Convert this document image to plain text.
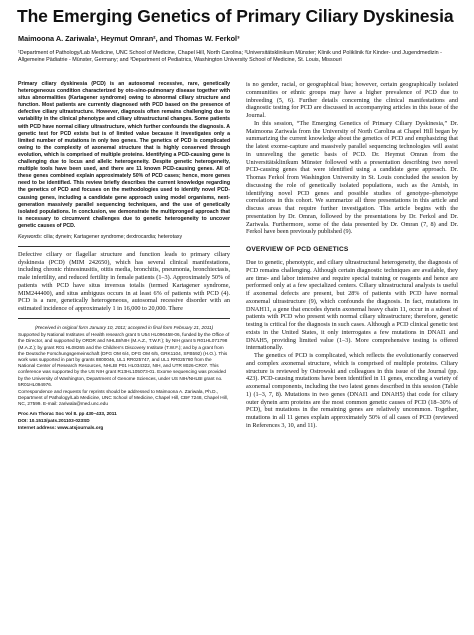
The Emerging Genetics of Primary Ciliary Dyskinesia
Maimoona A. Zariwala¹, Heymut Omran², and Thomas W. Ferkol³

¹Department of Pathology/Lab Medicine, UNC School of Medicine, Chapel Hill, North Carolina; ²Universitätsklinikum Münster; Klinik und Poliklinik für Kinder- und Jugendmedizin - Allgemeine Pädiatrie - Münster, Germany; and ³Department of Pediatrics, Washington University School of Medicine, St. Louis, Missouri

Primary ciliary dyskinesia (PCD) is an autosomal recessive, rare, genetically heterogeneous condition characterized by oto-sino-pulmonary disease together with situs abnormalities (Kartagener syndrome) owing to abnormal ciliary structure and function. Most patients are currently diagnosed with PCD based on the presence of defective ciliary ultrastructure. However, diagnosis often remains challenging due to variability in the clinical phenotype and ciliary ultrastructural changes. Some patients with PCD have normal ciliary ultrastructure, which further confounds the diagnosis. A genetic test for PCD exists but is of limited value because it investigates only a limited number of mutations in only two genes. The genetics of PCD is complicated owing to the complexity of axonemal structure that is highly conserved through evolution, which is comprised of multiple proteins. Identifying a PCD-causing gene is challenging due to locus and allelic heterogeneity. Despite genetic heterogeneity, multiple tools have been used, and there are 11 known PCD-causing genes. All of these genes combined explain approximately 50% of PCD cases; hence, more genes need to be identified. This review briefly describes the current knowledge regarding the genetics of PCD and focuses on the methodologies used to identify novel PCD-causing genes, including a candidate gene approach using model organisms, next-generation massively parallel sequencing techniques, and the use of genetically isolated populations. In conclusion, we demonstrate the multipronged approach that is necessary to circumvent challenges due to genetic heterogeneity to uncover genetic causes of PCD.

Keywords: cilia; dynein; Kartagener syndrome; dextrocardia; heterotaxy

Defective ciliary or flagellar structure and function leads to primary ciliary dyskinesia (PCD) (MIM 242650), which has several clinical manifestations, including chronic rhinosinusitis, otitis media, bronchitis, pneumonia, bronchiectasis, male infertility, and reduced fertility in female patients (1–3). Approximately 50% of patients with PCD have situs inversus totalis (termed Kartagener syndrome, MIM244400), and situs ambiguus occurs in at least 6% of patients with PCD (4). PCD is a rare, genetically heterogeneous, autosomal recessive disorder with an estimated incidence of approximately 1 in 16,000 to 20,000. There

(Received in original form January 10, 2011; accepted in final form February 21, 2011)

Supported by National Institutes of Health research grant 5 U54 HL096458-06, funded by the Office of the Director, and supported by ORDR and NHLBI/NIH (M.A.Z., T.W.F.); by NIH grant 5 R01HL071798 (M.A.Z.); by grant R01 HL08265 and the Children's Discovery Institute (T.W.F.); and by a grant from the Deutsche Forschungsgemeinschaft (DFG OM 6/4, DFG OM 6/5, GRK1104, SFB592) (H.O.). This work was supported in part by grants 8800046, UL1 RR025747, and UL1 RR025780 from the National Center of Research Resources, NHLBI P01 HL034322, NIH, and UTR 8026-CR07. This conference was supported by the US NIH grant R13HL105073-01. Exome sequencing was provided by the University of Washington, Department of Genome Sciences, under US NIH/NHLBI grant no. 5R01HL094976.

Correspondence and requests for reprints should be addressed to Maimoona A. Zariwala, Ph.D., Department of Pathology/Lab Medicine, UNC School of Medicine, Chapel Hill, CB# 7248, Chapel Hill, NC, 27599. E-mail: zariwala@med.unc.edu

Proc Am Thorac Soc Vol 8. pp 430–433, 2011

DOI: 10.1513/pats.201103-023SD

Internet address: www.atsjournals.org

is no gender, racial, or geographical bias; however, certain geographically isolated communities or ethnic groups may have a higher prevalence of PCD due to inbreeding (5, 6). Further details concerning the clinical manifestations and diagnostic testing for PCD are discussed in accompanying articles in this issue of the Journal.

In this session, “The Emerging Genetics of Primary Ciliary Dyskinesia,” Dr. Maimoona Zariwala from the University of North Carolina at Chapel Hill began by summarizing the current knowledge about the genetics of PCD and emphasizing that the latest exome-capture and massively parallel sequencing technologies will assist in unraveling the genetic basis of PCD. Dr. Heymut Omran from the Universitätsklinikum Münster followed with a presentation describing two novel PCD-causing genes that were identified using a candidate gene approach. Dr. Thomas Ferkol from Washington University in St. Louis concluded the session by discussing the role of genetically isolated populations, such as the Amish, in identifying novel PCD genes and possible studies of genotype–phenotype correlations in this cohort. We summarize all three presentations in this article and discuss areas that require further investigation. This article begins with the presentation by Dr. Omran, followed by the presentations by Dr. Ferkol and Dr. Zariwala. Furthermore, some of the data presented by Dr. Omran (7, 8) and Dr. Ferkol have been previously published (9).

OVERVIEW OF PCD GENETICS

Due to genetic, phenotypic, and ciliary ultrastructural heterogeneity, the diagnosis of PCD remains challenging. Although certain diagnostic techniques are available, they are time- and labor intensive and require special training or reagents and hence are performed only at a few specialized centers. Ciliary ultrastructural analysis is useful if axonemal defects are present, but 28% of patients with PCD have normal axonemal ultrastructure (9), which confounds the diagnosis. In fact, mutations in DNAH11, a gene that encodes dynein axonemal heavy chain 11, occur in a subset of patients with PCD who present with normal ciliary ultrastructure; therefore, genetic testing is critical for the diagnosis in such cases. Although a PCD clinical genetic test exists in the United States, it only interrogates a few mutations in DNAI1 and DNAH5, providing limited value (1–3). More comprehensive testing is offered internationally.

The genetics of PCD is complicated, which reflects the evolutionarily conserved and complex axonemal structure, which is comprised of multiple proteins. Ciliary structure is reviewed by Ostrowski and colleagues in this issue of the Journal (pp. 423). PCD-causing mutations have been identified in 11 genes, encoding a variety of axonemal components, including the two latest genes described in this session (Table 1) (1–3, 7, 8). Mutations in two genes (DNAI1 and DNAH5) that code for ciliary outer dynein arm proteins are the most common genetic causes of PCD (18–30% of PCD), but mutations in the remaining genes are relatively uncommon. Together, mutations in all 11 genes explain approximately 50% of all cases of PCD (reviewed in References 3, 10, and 11).
